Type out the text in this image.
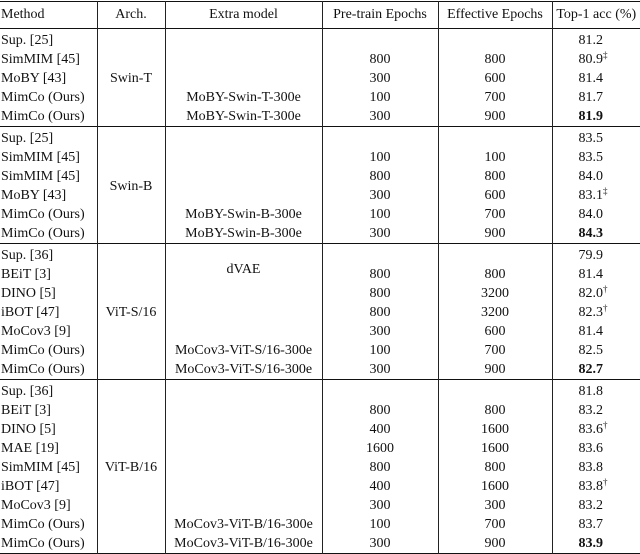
Method	Arch.	Extra model	Pre-train Epochs	Effective Epochs	Top-1 acc (%)
Sup. [25]	Swin-T				81.2
SimMIM [45]			800	800	80.9‡
MoBY [43]			300	600	81.4
MimCo (Ours)		MoBY-Swin-T-300e	100	700	81.7
MimCo (Ours)		MoBY-Swin-T-300e	300	900	81.9
Sup. [25]	Swin-B				83.5
SimMIM [45]			100	100	83.5
SimMIM [45]			800	800	84.0
MoBY [43]			300	600	83.1‡
MimCo (Ours)		MoBY-Swin-B-300e	100	700	84.0
MimCo (Ours)		MoBY-Swin-B-300e	300	900	84.3
Sup. [36]	ViT-S/16				79.9
BEiT [3]		dVAE	800	800	81.4
DINO [5]			800	3200	82.0†
iBOT [47]			800	3200	82.3†
MoCov3 [9]			300	600	81.4
MimCo (Ours)		MoCov3-ViT-S/16-300e	100	700	82.5
MimCo (Ours)		MoCov3-ViT-S/16-300e	300	900	82.7
Sup. [36]	ViT-B/16				81.8
BEiT [3]			800	800	83.2
DINO [5]			400	1600	83.6†
MAE [19]			1600	1600	83.6
SimMIM [45]			800	800	83.8
iBOT [47]			400	1600	83.8†
MoCov3 [9]			300	300	83.2
MimCo (Ours)		MoCov3-ViT-B/16-300e	100	700	83.7
MimCo (Ours)		MoCov3-ViT-B/16-300e	300	900	83.9
